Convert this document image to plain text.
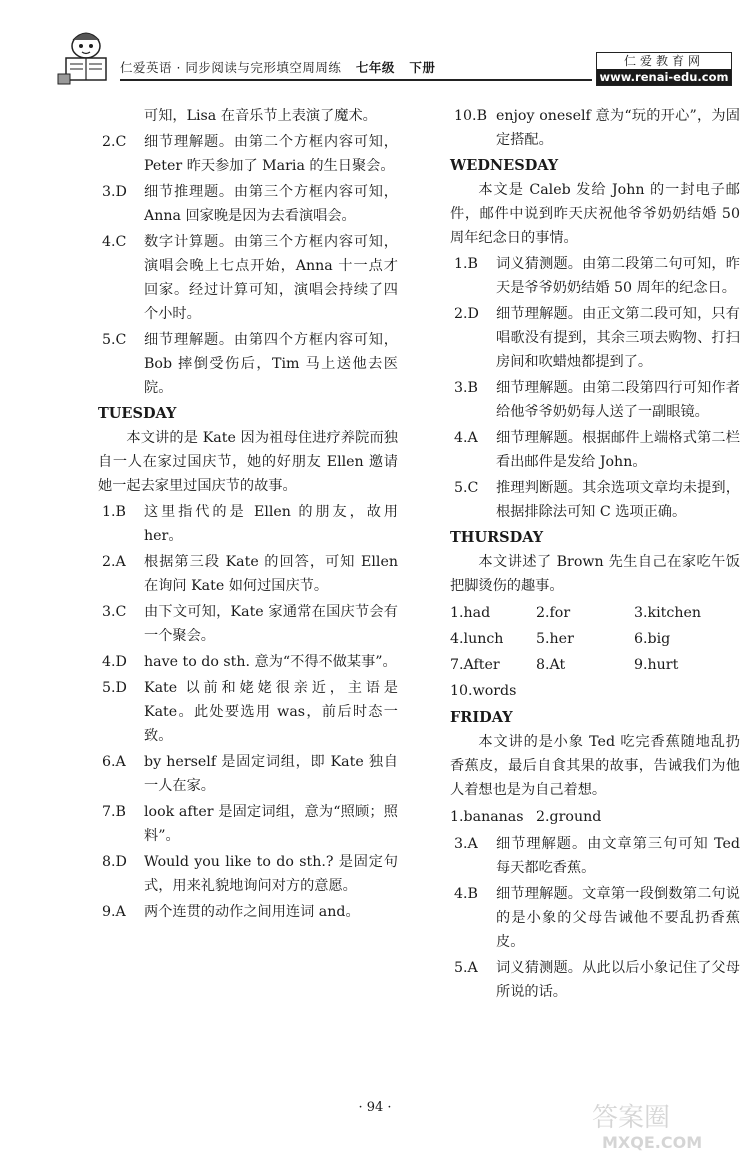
仁爱英语 · 同步阅读与完形填空周周练 七年级 下册	仁爱教育网
www.renai-edu.com
可知，Lisa 在音乐节上表演了魔术。
2.C	细节理解题。由第二个方框内容可知，Peter 昨天参加了 Maria 的生日聚会。
3.D	细节推理题。由第三个方框内容可知，Anna 回家晚是因为去看演唱会。
4.C	数字计算题。由第三个方框内容可知，演唱会晚上七点开始，Anna 十一点才回家。经过计算可知，演唱会持续了四个小时。
5.C	细节理解题。由第四个方框内容可知，Bob 摔倒受伤后，Tim 马上送他去医院。
TUESDAY
本文讲的是 Kate 因为祖母住进疗养院而独自一人在家过国庆节，她的好朋友 Ellen 邀请她一起去家里过国庆节的故事。
1.B	这里指代的是 Ellen 的朋友，故用 her。
2.A	根据第三段 Kate 的回答，可知 Ellen 在询问 Kate 如何过国庆节。
3.C	由下文可知，Kate 家通常在国庆节会有一个聚会。
4.D	have to do sth. 意为“不得不做某事”。
5.D	Kate 以前和姥姥很亲近，主语是 Kate。此处要选用 was，前后时态一致。
6.A	by herself 是固定词组，即 Kate 独自一人在家。
7.B	look after 是固定词组，意为“照顾；照料”。
8.D	Would you like to do sth.? 是固定句式，用来礼貌地询问对方的意愿。
9.A	两个连贯的动作之间用连词 and。
10.B enjoy oneself 意为“玩的开心”，为固定搭配。
WEDNESDAY
本文是 Caleb 发给 John 的一封电子邮件，邮件中说到昨天庆祝他爷爷奶奶结婚 50 周年纪念日的事情。
1.B	词义猜测题。由第二段第二句可知，昨天是爷爷奶奶结婚 50 周年的纪念日。
2.D	细节理解题。由正文第二段可知，只有唱歌没有提到，其余三项去购物、打扫房间和吹蜡烛都提到了。
3.B	细节理解题。由第二段第四行可知作者给他爷爷奶奶每人送了一副眼镜。
4.A	细节理解题。根据邮件上端格式第二栏看出邮件是发给 John。
5.C	推理判断题。其余选项文章均未提到，根据排除法可知 C 选项正确。
THURSDAY
本文讲述了 Brown 先生自己在家吃午饭把脚烫伤的趣事。
1.had	2.for	3.kitchen
4.lunch	5.her	6.big
7.After	8.At	9.hurt
10.words
FRIDAY
本文讲的是小象 Ted 吃完香蕉随地乱扔香蕉皮，最后自食其果的故事，告诫我们为他人着想也是为自己着想。
1.bananas 2.ground
3.A	细节理解题。由文章第三句可知 Ted 每天都吃香蕉。
4.B	细节理解题。文章第一段倒数第二句说的是小象的父母告诫他不要乱扔香蕉皮。
5.A	词义猜测题。从此以后小象记住了父母所说的话。
· 94 ·	答案圈
MXQE.COM
